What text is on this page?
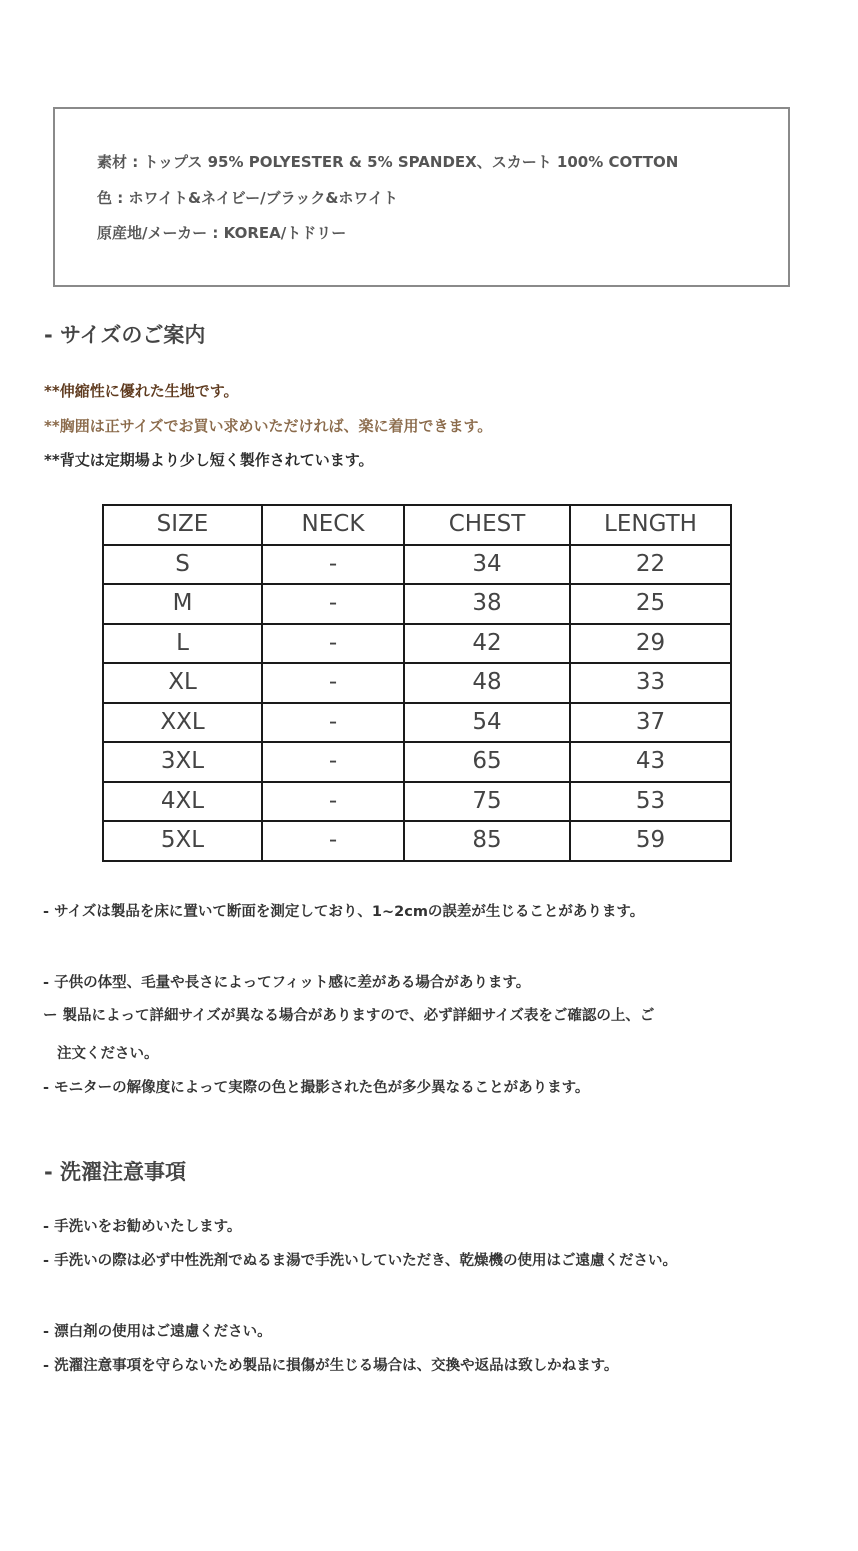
素材 : トップス 95% POLYESTER & 5% SPANDEX、スカート 100% COTTON
色 : ホワイト&ネイビー/ブラック&ホワイト
原産地/メーカー : KOREA/トドリー
- サイズのご案内
**伸縮性に優れた生地です。
**胸囲は正サイズでお買い求めいただければ、楽に着用できます。
**背丈は定期場より少し短く製作されています。
SIZE	NECK	CHEST	LENGTH
S	-	34	22
M	-	38	25
L	-	42	29
XL	-	48	33
XXL	-	54	37
3XL	-	65	43
4XL	-	75	53
5XL	-	85	59
- サイズは製品を床に置いて断面を測定しており、1~2cmの誤差が生じることがあります。
- 子供の体型、毛量や長さによってフィット感に差がある場合があります。
ー 製品によって詳細サイズが異なる場合がありますので、必ず詳細サイズ表をご確認の上、ご
注文ください。
- モニターの解像度によって実際の色と撮影された色が多少異なることがあります。
- 洗濯注意事項
- 手洗いをお勧めいたします。
- 手洗いの際は必ず中性洗剤でぬるま湯で手洗いしていただき、乾燥機の使用はご遠慮ください。
- 漂白剤の使用はご遠慮ください。
- 洗濯注意事項を守らないため製品に損傷が生じる場合は、交換や返品は致しかねます。
